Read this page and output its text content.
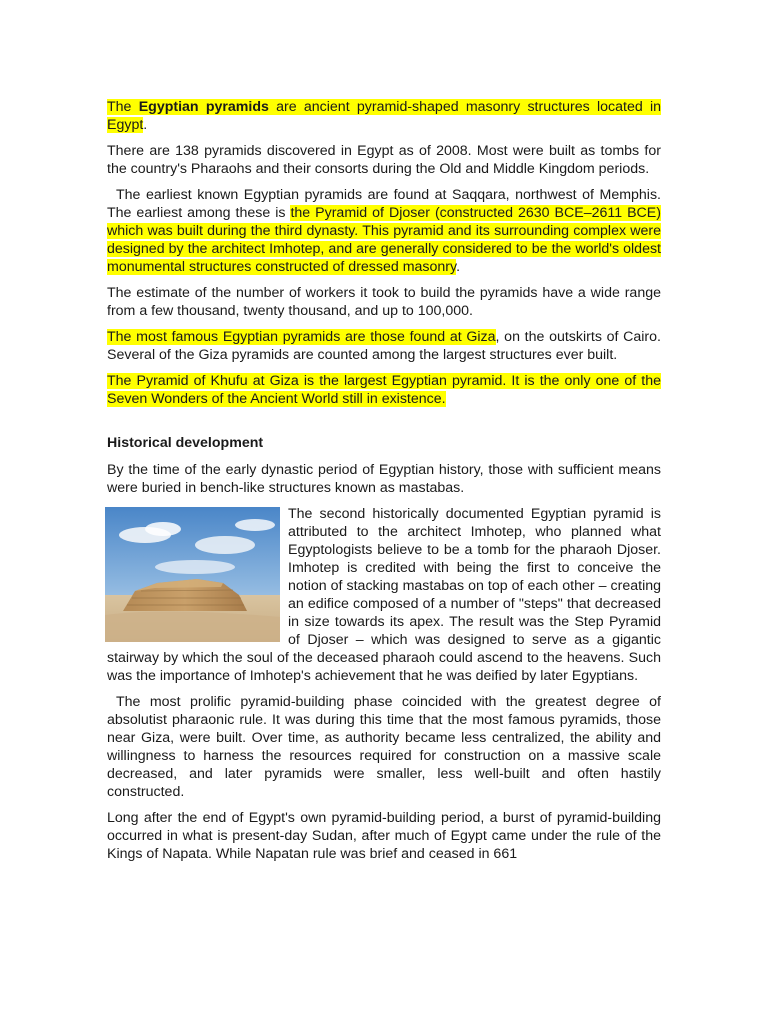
The Egyptian pyramids are ancient pyramid-shaped masonry structures located in Egypt.

There are 138 pyramids discovered in Egypt as of 2008. Most were built as tombs for the country's Pharaohs and their consorts during the Old and Middle Kingdom periods.

The earliest known Egyptian pyramids are found at Saqqara, northwest of Memphis. The earliest among these is the Pyramid of Djoser (constructed 2630 BCE–2611 BCE) which was built during the third dynasty. This pyramid and its surrounding complex were designed by the architect Imhotep, and are generally considered to be the world's oldest monumental structures constructed of dressed masonry.

The estimate of the number of workers it took to build the pyramids have a wide range from a few thousand, twenty thousand, and up to 100,000.

The most famous Egyptian pyramids are those found at Giza, on the outskirts of Cairo. Several of the Giza pyramids are counted among the largest structures ever built.

The Pyramid of Khufu at Giza is the largest Egyptian pyramid. It is the only one of the Seven Wonders of the Ancient World still in existence.

Historical development

By the time of the early dynastic period of Egyptian history, those with sufficient means were buried in bench-like structures known as mastabas.

The second historically documented Egyptian pyramid is attributed to the architect Imhotep, who planned what Egyptologists believe to be a tomb for the pharaoh Djoser. Imhotep is credited with being the first to conceive the notion of stacking mastabas on top of each other – creating an edifice composed of a number of "steps" that decreased in size towards its apex. The result was the Step Pyramid of Djoser – which was designed to serve as a gigantic stairway by which the soul of the deceased pharaoh could ascend to the heavens. Such was the importance of Imhotep's achievement that he was deified by later Egyptians.

The most prolific pyramid-building phase coincided with the greatest degree of absolutist pharaonic rule. It was during this time that the most famous pyramids, those near Giza, were built. Over time, as authority became less centralized, the ability and willingness to harness the resources required for construction on a massive scale decreased, and later pyramids were smaller, less well-built and often hastily constructed.

Long after the end of Egypt's own pyramid-building period, a burst of pyramid-building occurred in what is present-day Sudan, after much of Egypt came under the rule of the Kings of Napata. While Napatan rule was brief and ceased in 661
